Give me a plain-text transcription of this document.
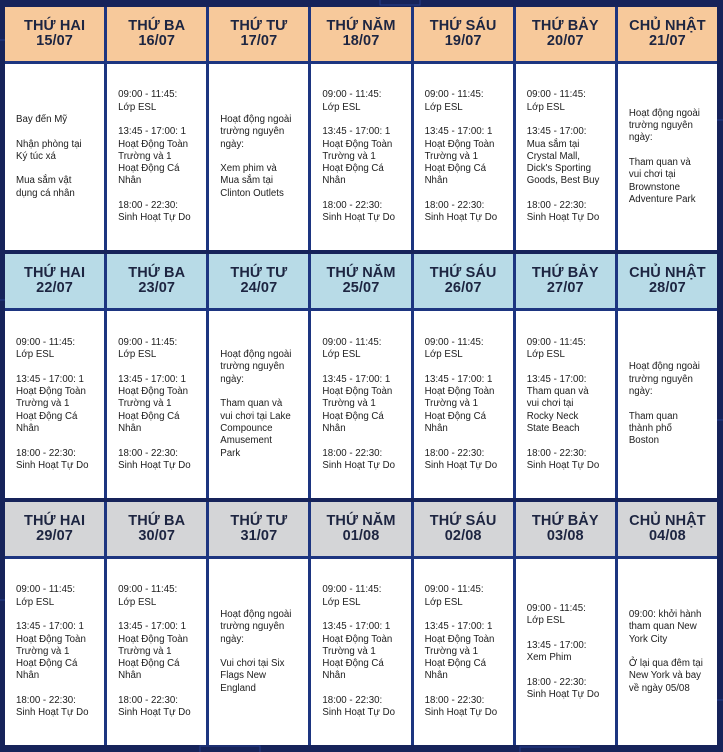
THỨ HAI
15/07
THỨ BA
16/07
THỨ TƯ
17/07
THỨ NĂM
18/07
THỨ SÁU
19/07
THỨ BẢY
20/07
CHỦ NHẬT
21/07
Bay đến Mỹ

Nhận phòng tại
Ký túc xá

Mua sắm vật
dụng cá nhân
09:00 - 11:45:
Lớp ESL

13:45 - 17:00: 1
Hoạt Động Toàn
Trường và 1
Hoạt Động Cá
Nhân

18:00 - 22:30:
Sinh Hoạt Tự Do
Hoạt động ngoài
trường nguyên
ngày:

Xem phim và
Mua sắm tại
Clinton Outlets
09:00 - 11:45:
Lớp ESL

13:45 - 17:00: 1
Hoạt Động Toàn
Trường và 1
Hoạt Động Cá
Nhân

18:00 - 22:30:
Sinh Hoạt Tự Do
09:00 - 11:45:
Lớp ESL

13:45 - 17:00: 1
Hoạt Động Toàn
Trường và 1
Hoạt Động Cá
Nhân

18:00 - 22:30:
Sinh Hoạt Tự Do
09:00 - 11:45:
Lớp ESL

13:45 - 17:00:
Mua sắm tại
Crystal Mall,
Dick's Sporting
Goods, Best Buy

18:00 - 22:30:
Sinh Hoạt Tự Do
Hoạt động ngoài
trường nguyên
ngày:

Tham quan và
vui chơi tại
Brownstone
Adventure Park
THỨ HAI
22/07
THỨ BA
23/07
THỨ TƯ
24/07
THỨ NĂM
25/07
THỨ SÁU
26/07
THỨ BẢY
27/07
CHỦ NHẬT
28/07
09:00 - 11:45:
Lớp ESL

13:45 - 17:00: 1
Hoạt Động Toàn
Trường và 1
Hoạt Động Cá
Nhân

18:00 - 22:30:
Sinh Hoạt Tự Do
09:00 - 11:45:
Lớp ESL

13:45 - 17:00: 1
Hoạt Động Toàn
Trường và 1
Hoạt Động Cá
Nhân

18:00 - 22:30:
Sinh Hoạt Tự Do
Hoạt động ngoài
trường nguyên
ngày:

Tham quan và
vui chơi tại Lake
Compounce
Amusement
Park
09:00 - 11:45:
Lớp ESL

13:45 - 17:00: 1
Hoạt Động Toàn
Trường và 1
Hoạt Động Cá
Nhân

18:00 - 22:30:
Sinh Hoạt Tự Do
09:00 - 11:45:
Lớp ESL

13:45 - 17:00: 1
Hoạt Động Toàn
Trường và 1
Hoạt Động Cá
Nhân

18:00 - 22:30:
Sinh Hoạt Tự Do
09:00 - 11:45:
Lớp ESL

13:45 - 17:00:
Tham quan và
vui chơi tại
Rocky Neck
State Beach

18:00 - 22:30:
Sinh Hoạt Tự Do
Hoạt động ngoài
trường nguyên
ngày:

Tham quan
thành phố
Boston
THỨ HAI
29/07
THỨ BA
30/07
THỨ TƯ
31/07
THỨ NĂM
01/08
THỨ SÁU
02/08
THỨ BẢY
03/08
CHỦ NHẬT
04/08
09:00 - 11:45:
Lớp ESL

13:45 - 17:00: 1
Hoạt Động Toàn
Trường và 1
Hoạt Động Cá
Nhân

18:00 - 22:30:
Sinh Hoạt Tự Do
09:00 - 11:45:
Lớp ESL

13:45 - 17:00: 1
Hoạt Động Toàn
Trường và 1
Hoạt Động Cá
Nhân

18:00 - 22:30:
Sinh Hoạt Tự Do
Hoạt động ngoài
trường nguyên
ngày:

Vui chơi tại Six
Flags New
England
09:00 - 11:45:
Lớp ESL

13:45 - 17:00: 1
Hoạt Động Toàn
Trường và 1
Hoạt Động Cá
Nhân

18:00 - 22:30:
Sinh Hoạt Tự Do
09:00 - 11:45:
Lớp ESL

13:45 - 17:00: 1
Hoạt Động Toàn
Trường và 1
Hoạt Động Cá
Nhân

18:00 - 22:30:
Sinh Hoạt Tự Do
09:00 - 11:45:
Lớp ESL

13:45 - 17:00:
Xem Phim

18:00 - 22:30:
Sinh Hoạt Tự Do
09:00: khởi hành
tham quan New
York City

Ở lại qua đêm tại
New York và bay
về ngày 05/08
